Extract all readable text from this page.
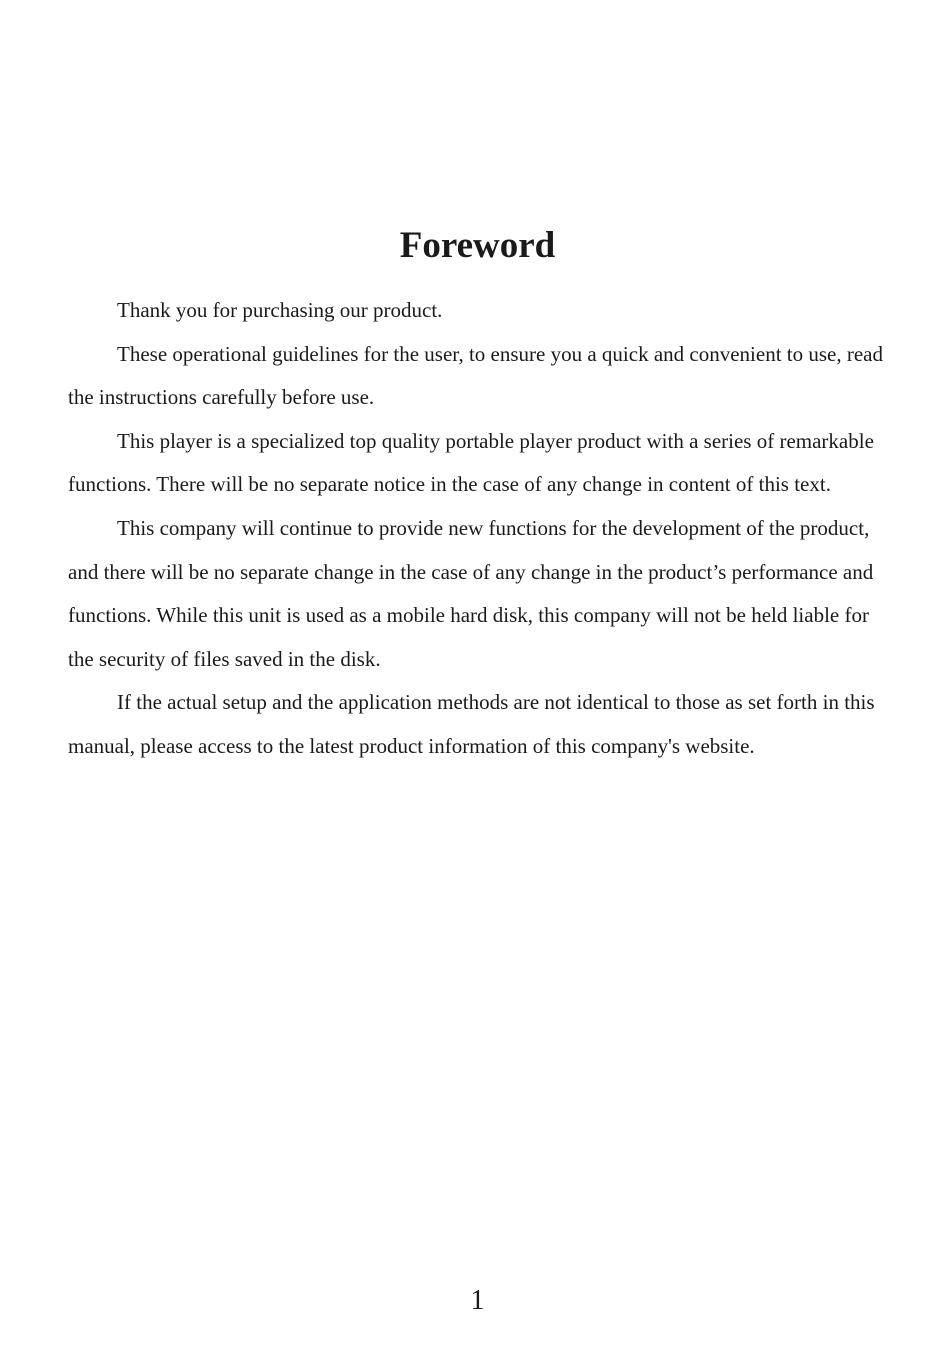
Foreword

Thank you for purchasing our product.

These operational guidelines for the user, to ensure you a quick and convenient to use, read the instructions carefully before use.

This player is a specialized top quality portable player product with a series of remarkable functions. There will be no separate notice in the case of any change in content of this text.

This company will continue to provide new functions for the development of the product, and there will be no separate change in the case of any change in the product’s performance and functions. While this unit is used as a mobile hard disk, this company will not be held liable for the security of files saved in the disk.

If the actual setup and the application methods are not identical to those as set forth in this manual, please access to the latest product information of this company's website.

1
